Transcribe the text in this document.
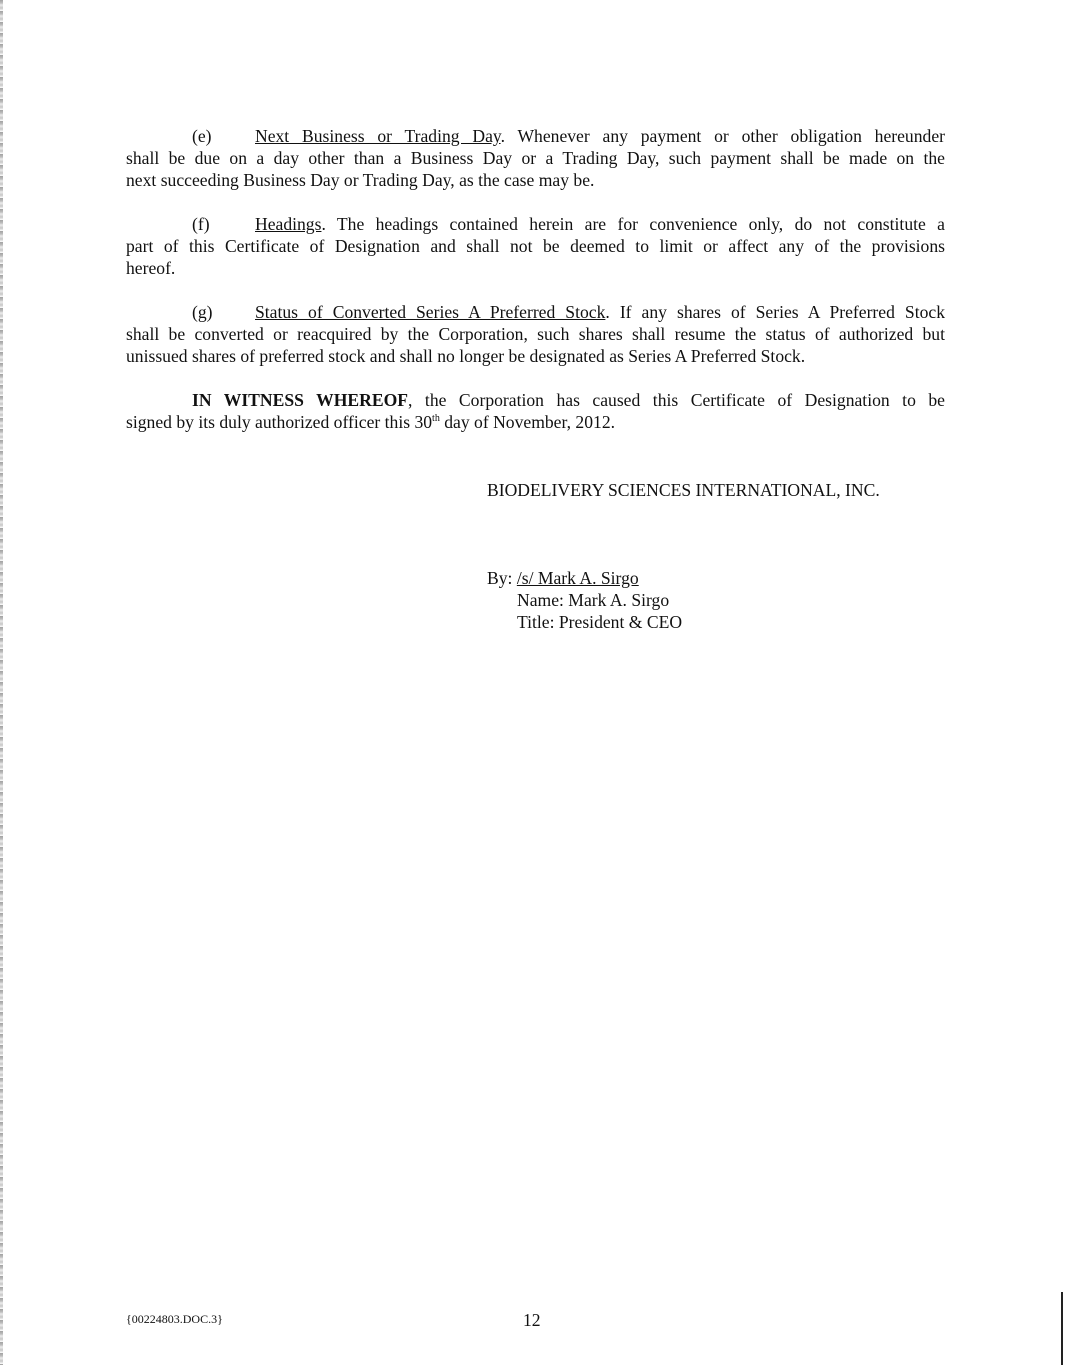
(e) Next Business or Trading Day. Whenever any payment or other obligation hereunder
shall be due on a day other than a Business Day or a Trading Day, such payment shall be made on the
next succeeding Business Day or Trading Day, as the case may be.
(f)	Headings. The headings contained herein are for convenience only, do not constitute a
part of this Certificate of Designation and shall not be deemed to limit or affect any of the provisions
hereof.
(g) Status of Converted Series A Preferred Stock. If any shares of Series A Preferred Stock
shall be converted or reacquired by the Corporation, such shares shall resume the status of authorized but
unissued shares of preferred stock and shall no longer be designated as Series A Preferred Stock.
IN WITNESS WHEREOF, the Corporation has caused this Certificate of Designation to be
signed by its duly authorized officer this 30th day of November, 2012.
BIODELIVERY SCIENCES INTERNATIONAL, INC.
By: /s/ Mark A. Sirgo
Name: Mark A. Sirgo
Title: President & CEO
{00224803.DOC.3}	12
